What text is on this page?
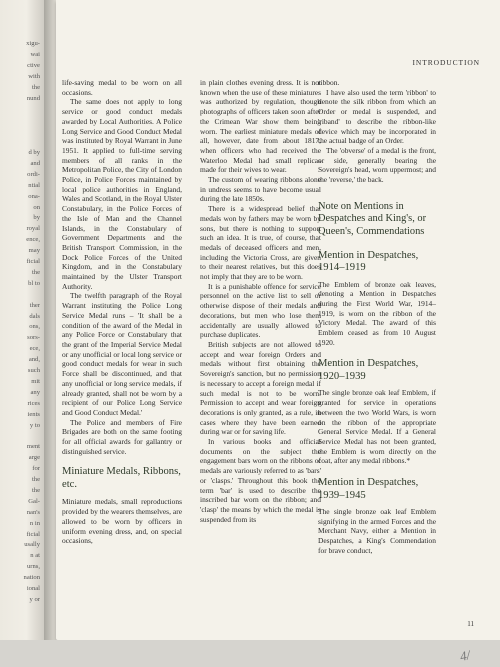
xigu-
wai
ctive
with
the
nund
d by
and
ordi-
ntial
ona-
on
by
royal
ence,
may
ficial
the
bl to
ther
dals
ons,
sors-
ece,
and,
such
mit
any
rices
ients
y to
ment
arge
for
the
the
Gal-
nan's
n in
ficial
usally
n at
urns,
nation
ional
y or
INTRODUCTION

life-saving medal to be worn on all occasions.

The same does not apply to long service or good conduct medals awarded by Local Authorities. A Police Long Service and Good Conduct Medal was instituted by Royal Warrant in June 1951. It applied to full-time serving members of all ranks in the Metropolitan Police, the City of London Police, in Police Forces maintained by local police authorities in England, Wales and Scotland, in the Royal Ulster Constabulary, in the Police Forces of the Isle of Man and the Channel Islands, in the Constabulary of Government Departments and the British Transport Commission, in the Dock Police Forces of the United Kingdom, and in the Constabulary maintained by the Ulster Transport Authority.

The twelfth paragraph of the Royal Warrant instituting the Police Long Service Medal runs – 'It shall be a condition of the award of the Medal in any Police Force or Constabulary that the grant of the Imperial Service Medal or any unofficial or local long service or good conduct medals for wear in such Force shall be discontinued, and that any unofficial or long service medals, if already granted, shall not be worn by a recipient of our Police Long Service and Good Conduct Medal.'

The Police and members of Fire Brigades are both on the same footing for all official awards for gallantry or distinguished service.

Miniature Medals, Ribbons, etc.

Miniature medals, small reproductions provided by the wearers themselves, are allowed to be worn by officers in uniform evening dress, and, on special occasions,

in plain clothes evening dress. It is not known when the use of these miniatures was authorized by regulation, though photographs of officers taken soon after the Crimean War show them being worn. The earliest miniature medals of all, however, date from about 1817, when officers who had received the Waterloo Medal had small replicas made for their wives to wear.

The custom of wearing ribbons alone in undress seems to have become usual during the late 1850s.

There is a widespread belief that medals won by fathers may be worn by sons, but there is nothing to support such an idea. It is true, of course, that medals of deceased officers and men, including the Victoria Cross, are given to their nearest relatives, but this does not imply that they are to be worn.

It is a punishable offence for service personnel on the active list to sell or otherwise dispose of their medals and decorations, but men who lose them accidentally are usually allowed to purchase duplicates.

British subjects are not allowed to accept and wear foreign Orders and medals without first obtaining the Sovereign's sanction, but no permission is necessary to accept a foreign medal if such medal is not to be worn. Permission to accept and wear foreign decorations is only granted, as a rule, in cases where they have been earned during war or for saving life.

In various books and official documents on the subject the engagement bars worn on the ribbons of medals are variously referred to as 'bars' or 'clasps.' Throughout this book the term 'bar' is used to describe the inscribed bar worn on the ribbon; and 'clasp' the means by which the medal is suspended from its

ribbon.

I have also used the term 'ribbon' to denote the silk ribbon from which an Order or medal is suspended, and 'riband' to describe the ribbon-like device which may be incorporated in the actual badge of an Order.

The 'obverse' of a medal is the front, or side, generally bearing the Sovereign's head, worn uppermost; and the 'reverse,' the back.

Note on Mentions in Despatches and King's, or Queen's, Commendations
Mention in Despatches, 1914–1919

The Emblem of bronze oak leaves, denoting a Mention in Despatches during the First World War, 1914–1919, is worn on the ribbon of the Victory Medal. The award of this Emblem ceased as from 10 August 1920.

Mention in Despatches, 1920–1939

The single bronze oak leaf Emblem, if granted for service in operations between the two World Wars, is worn on the ribbon of the appropriate General Service Medal. If a General Service Medal has not been granted, the Emblem is worn directly on the coat, after any medal ribbons.*

Mention in Despatches, 1939–1945

The single bronze oak leaf Emblem signifying in the armed Forces and the Merchant Navy, either a Mention in Despatches, a King's Commendation for brave conduct,

11
4/
